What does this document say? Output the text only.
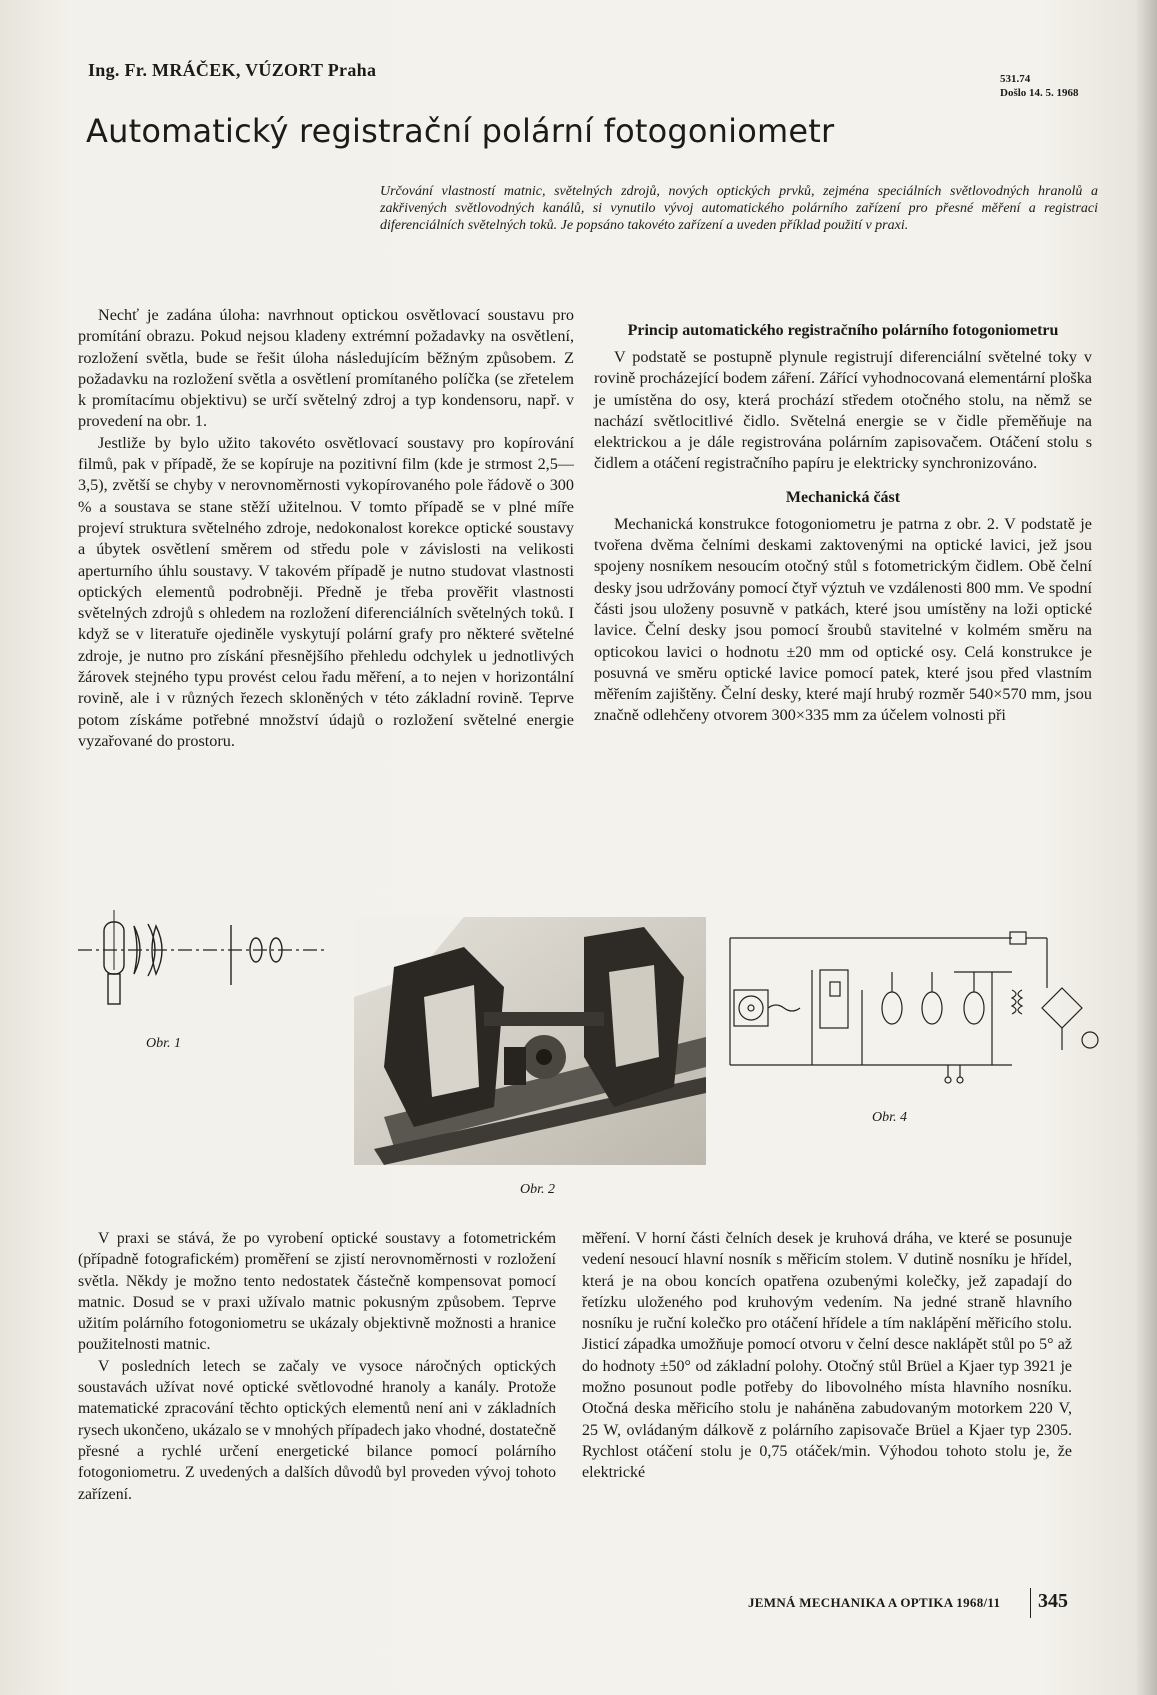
Ing. Fr. MRÁČEK, VÚZORT Praha	531.74
Došlo 14. 5. 1968
Automatický registrační polární fotogoniometr
Určování vlastností matnic, světelných zdrojů, nových optických prvků, zejména speciálních světlovodných hranolů a zakřivených světlovodných kanálů, si vynutilo vývoj automatického polárního zařízení pro přesné měření a registraci diferenciálních světelných toků. Je popsáno takovéto zařízení a uveden příklad použití v praxi.

Nechť je zadána úloha: navrhnout optickou osvětlovací soustavu pro promítání obrazu. Pokud nejsou kladeny extrémní požadavky na osvětlení, rozložení světla, bude se řešit úloha následujícím běžným způsobem. Z požadavku na rozložení světla a osvětlení promítaného políčka (se zřetelem k promítacímu objektivu) se určí světelný zdroj a typ kondensoru, např. v provedení na obr. 1.

Jestliže by bylo užito takovéto osvětlovací soustavy pro kopírování filmů, pak v případě, že se kopíruje na pozitivní film (kde je strmost 2,5—3,5), zvětší se chyby v nerovnoměrnosti vykopírovaného pole řádově o 300 % a soustava se stane stěží užitelnou. V tomto případě se v plné míře projeví struktura světelného zdroje, nedokonalost korekce optické soustavy a úbytek osvětlení směrem od středu pole v závislosti na velikosti aperturního úhlu soustavy. V takovém případě je nutno studovat vlastnosti optických elementů podrobněji. Předně je třeba prověřit vlastnosti světelných zdrojů s ohledem na rozložení diferenciálních světelných toků. I když se v literatuře ojediněle vyskytují polární grafy pro některé světelné zdroje, je nutno pro získání přesnějšího přehledu odchylek u jednotlivých žárovek stejného typu provést celou řadu měření, a to nejen v horizontální rovině, ale i v různých řezech skloněných v této základní rovině. Teprve potom získáme potřebné množství údajů o rozložení světelné energie vyzařované do prostoru.

Princip automatického registračního polárního fotogoniometru

V podstatě se postupně plynule registrují diferenciální světelné toky v rovině procházející bodem záření. Zářící vyhodnocovaná elementární ploška je umístěna do osy, která prochází středem otočného stolu, na němž se nachází světlocitlivé čidlo. Světelná energie se v čidle přeměňuje na elektrickou a je dále registrována polárním zapisovačem. Otáčení stolu s čidlem a otáčení registračního papíru je elektricky synchronizováno.

Mechanická část

Mechanická konstrukce fotogoniometru je patrna z obr. 2. V podstatě je tvořena dvěma čelními deskami zaktovenými na optické lavici, jež jsou spojeny nosníkem nesoucím otočný stůl s fotometrickým čidlem. Obě čelní desky jsou udržovány pomocí čtyř výztuh ve vzdálenosti 800 mm. Ve spodní části jsou uloženy posuvně v patkách, které jsou umístěny na loži optické lavice. Čelní desky jsou pomocí šroubů stavitelné v kolmém směru na opticokou lavici o hodnotu ±20 mm od optické osy. Celá konstrukce je posuvná ve směru optické lavice pomocí patek, které jsou před vlastním měřením zajištěny. Čelní desky, které mají hrubý rozměr 540×570 mm, jsou značně odlehčeny otvorem 300×335 mm za účelem volnosti při

Obr. 1
Obr. 2
Obr. 4

V praxi se stává, že po vyrobení optické soustavy a fotometrickém (případně fotografickém) proměření se zjistí nerovnoměrnosti v rozložení světla. Někdy je možno tento nedostatek částečně kompensovat pomocí matnic. Dosud se v praxi užívalo matnic pokusným způsobem. Teprve užitím polárního fotogoniometru se ukázaly objektivně možnosti a hranice použitelnosti matnic.

V posledních letech se začaly ve vysoce náročných optických soustavách užívat nové optické světlovodné hranoly a kanály. Protože matematické zpracování těchto optických elementů není ani v základních rysech ukončeno, ukázalo se v mnohých případech jako vhodné, dostatečně přesné a rychlé určení energetické bilance pomocí polárního fotogoniometru. Z uvedených a dalších důvodů byl proveden vývoj tohoto zařízení.

měření. V horní části čelních desek je kruhová dráha, ve které se posunuje vedení nesoucí hlavní nosník s měřicím stolem. V dutině nosníku je hřídel, která je na obou koncích opatřena ozubenými kolečky, jež zapadají do řetízku uloženého pod kruhovým vedením. Na jedné straně hlavního nosníku je ruční kolečko pro otáčení hřídele a tím naklápění měřicího stolu. Jisticí západka umožňuje pomocí otvoru v čelní desce naklápět stůl po 5° až do hodnoty ±50° od základní polohy. Otočný stůl Brüel a Kjaer typ 3921 je možno posunout podle potřeby do libovolného místa hlavního nosníku. Otočná deska měřicího stolu je nahánĕna zabudovaným motorkem 220 V, 25 W, ovládaným dálkově z polárního zapisovače Brüel a Kjaer typ 2305. Rychlost otáčení stolu je 0,75 otáček/min. Výhodou tohoto stolu je, že elektrické

JEMNÁ MECHANIKA A OPTIKA 1968/11 345
